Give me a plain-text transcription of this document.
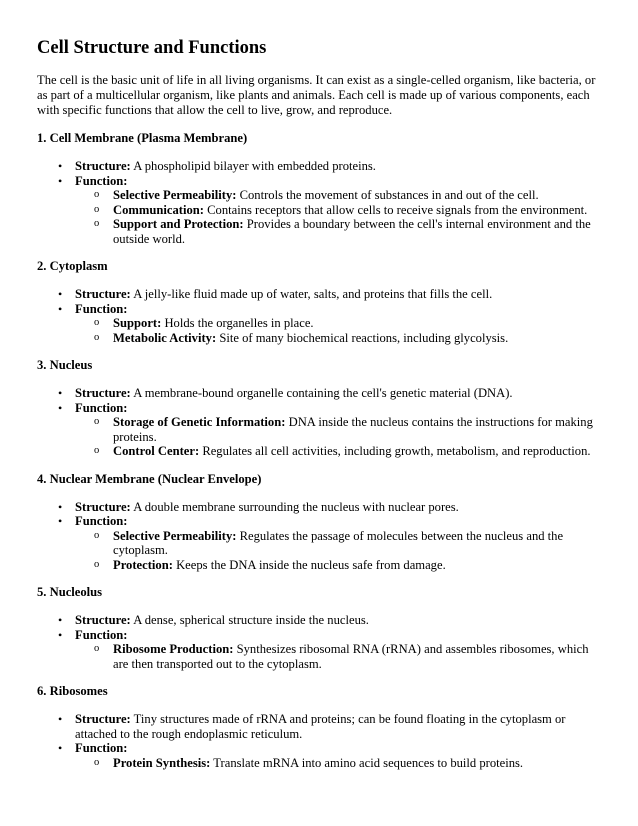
Cell Structure and Functions

The cell is the basic unit of life in all living organisms. It can exist as a single-celled organism, like bacteria, or as part of a multicellular organism, like plants and animals. Each cell is made up of various components, each with specific functions that allow the cell to live, grow, and reproduce.

1. Cell Membrane (Plasma Membrane)
• Structure: A phospholipid bilayer with embedded proteins.
• Function:
o Selective Permeability: Controls the movement of substances in and out of the cell.
o Communication: Contains receptors that allow cells to receive signals from the environment.
o Support and Protection: Provides a boundary between the cell's internal environment and the outside world.
2. Cytoplasm
• Structure: A jelly-like fluid made up of water, salts, and proteins that fills the cell.
• Function:
o Support: Holds the organelles in place.
o Metabolic Activity: Site of many biochemical reactions, including glycolysis.
3. Nucleus
• Structure: A membrane-bound organelle containing the cell's genetic material (DNA).
• Function:
o Storage of Genetic Information: DNA inside the nucleus contains the instructions for making proteins.
o Control Center: Regulates all cell activities, including growth, metabolism, and reproduction.
4. Nuclear Membrane (Nuclear Envelope)
• Structure: A double membrane surrounding the nucleus with nuclear pores.
• Function:
o Selective Permeability: Regulates the passage of molecules between the nucleus and the cytoplasm.
o Protection: Keeps the DNA inside the nucleus safe from damage.
5. Nucleolus
• Structure: A dense, spherical structure inside the nucleus.
• Function:
o Ribosome Production: Synthesizes ribosomal RNA (rRNA) and assembles ribosomes, which are then transported out to the cytoplasm.
6. Ribosomes
• Structure: Tiny structures made of rRNA and proteins; can be found floating in the cytoplasm or attached to the rough endoplasmic reticulum.
• Function:
o Protein Synthesis: Translate mRNA into amino acid sequences to build proteins.
